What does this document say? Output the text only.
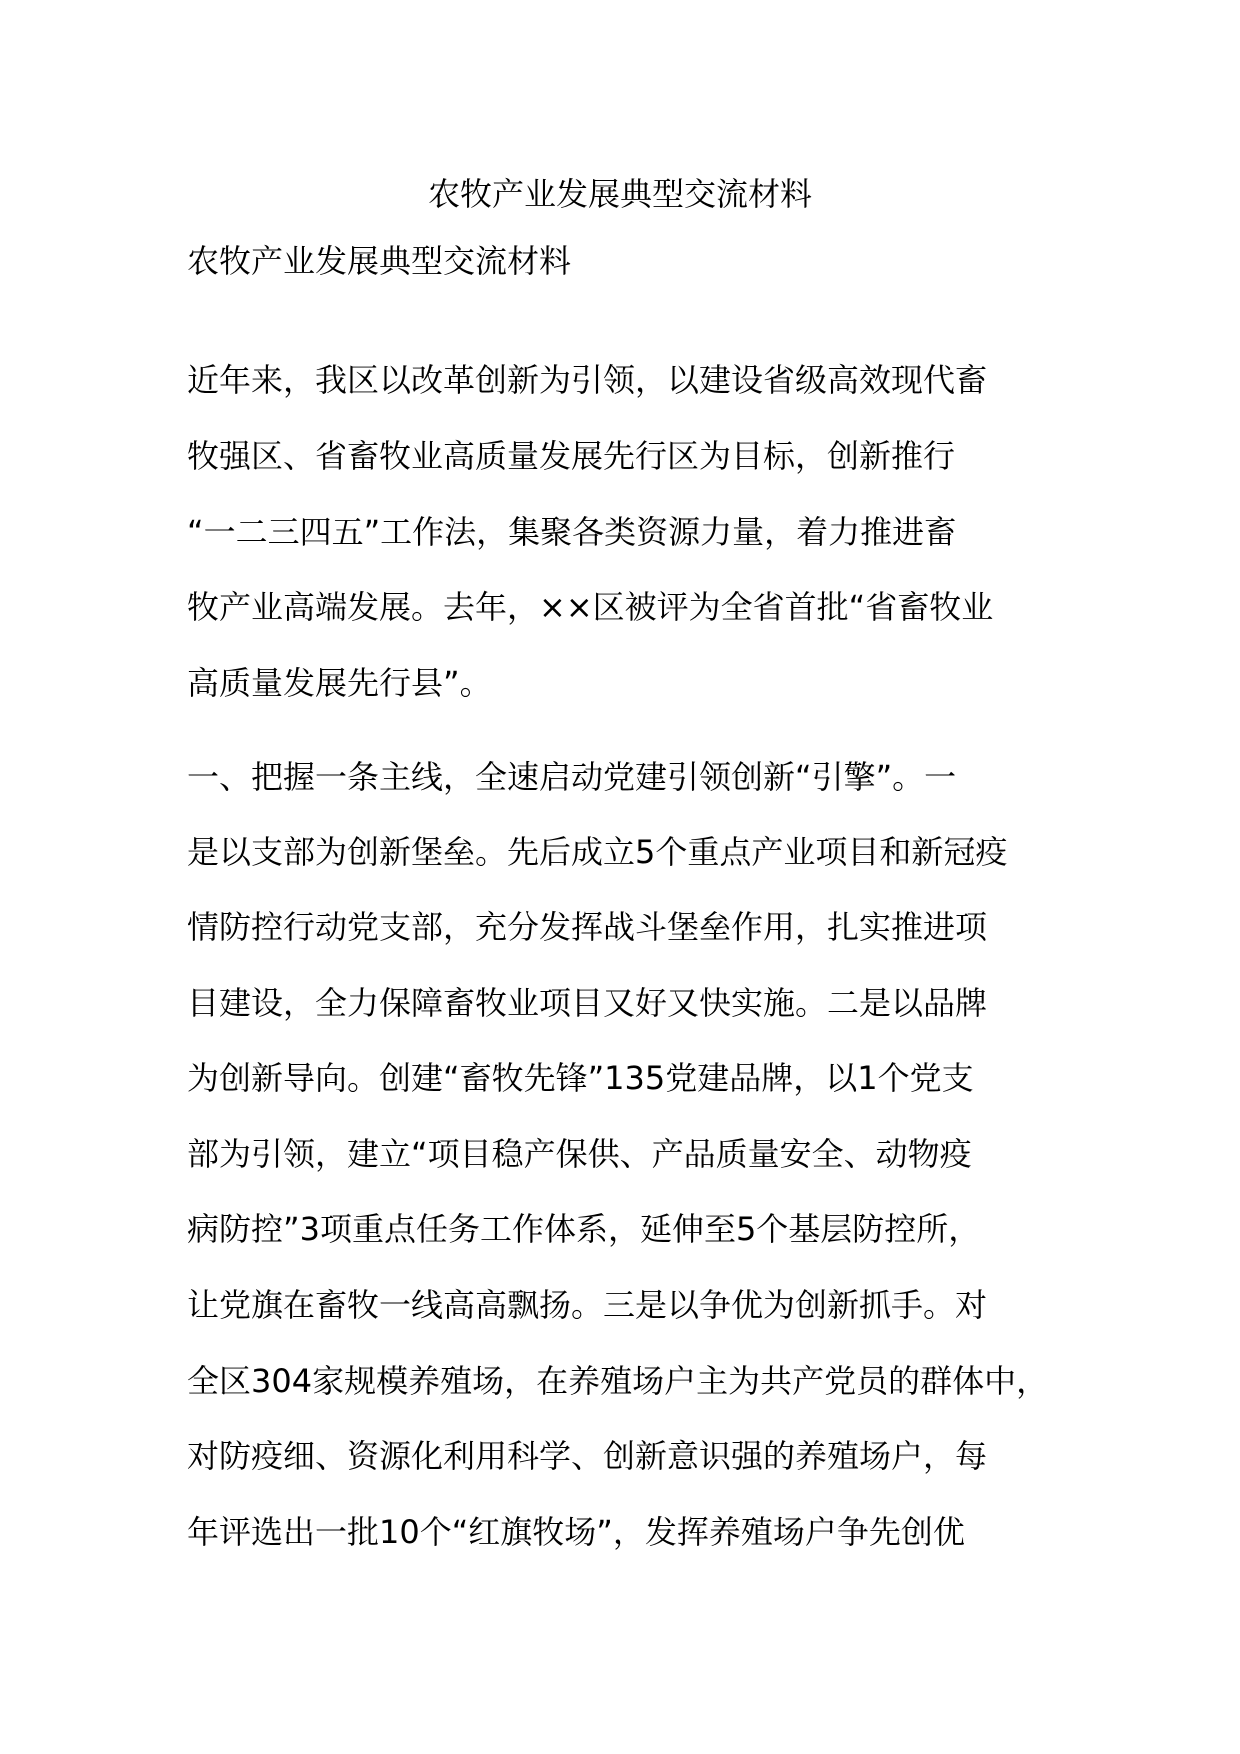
农牧产业发展典型交流材料
农牧产业发展典型交流材料
近年来，我区以改革创新为引领，以建设省级高效现代畜
牧强区、省畜牧业高质量发展先行区为目标，创新推行
“一二三四五”工作法，集聚各类资源力量，着力推进畜
牧产业高端发展。去年，××区被评为全省首批“省畜牧业
高质量发展先行县”。
一、把握一条主线，全速启动党建引领创新“引擎”。一
是以支部为创新堡垒。先后成立5个重点产业项目和新冠疫
情防控行动党支部，充分发挥战斗堡垒作用，扎实推进项
目建设，全力保障畜牧业项目又好又快实施。二是以品牌
为创新导向。创建“畜牧先锋”135党建品牌，以1个党支
部为引领，建立“项目稳产保供、产品质量安全、动物疫
病防控”3项重点任务工作体系，延伸至5个基层防控所，
让党旗在畜牧一线高高飘扬。三是以争优为创新抓手。对
全区304家规模养殖场，在养殖场户主为共产党员的群体中，
对防疫细、资源化利用科学、创新意识强的养殖场户，每
年评选出一批10个“红旗牧场”，发挥养殖场户争先创优
